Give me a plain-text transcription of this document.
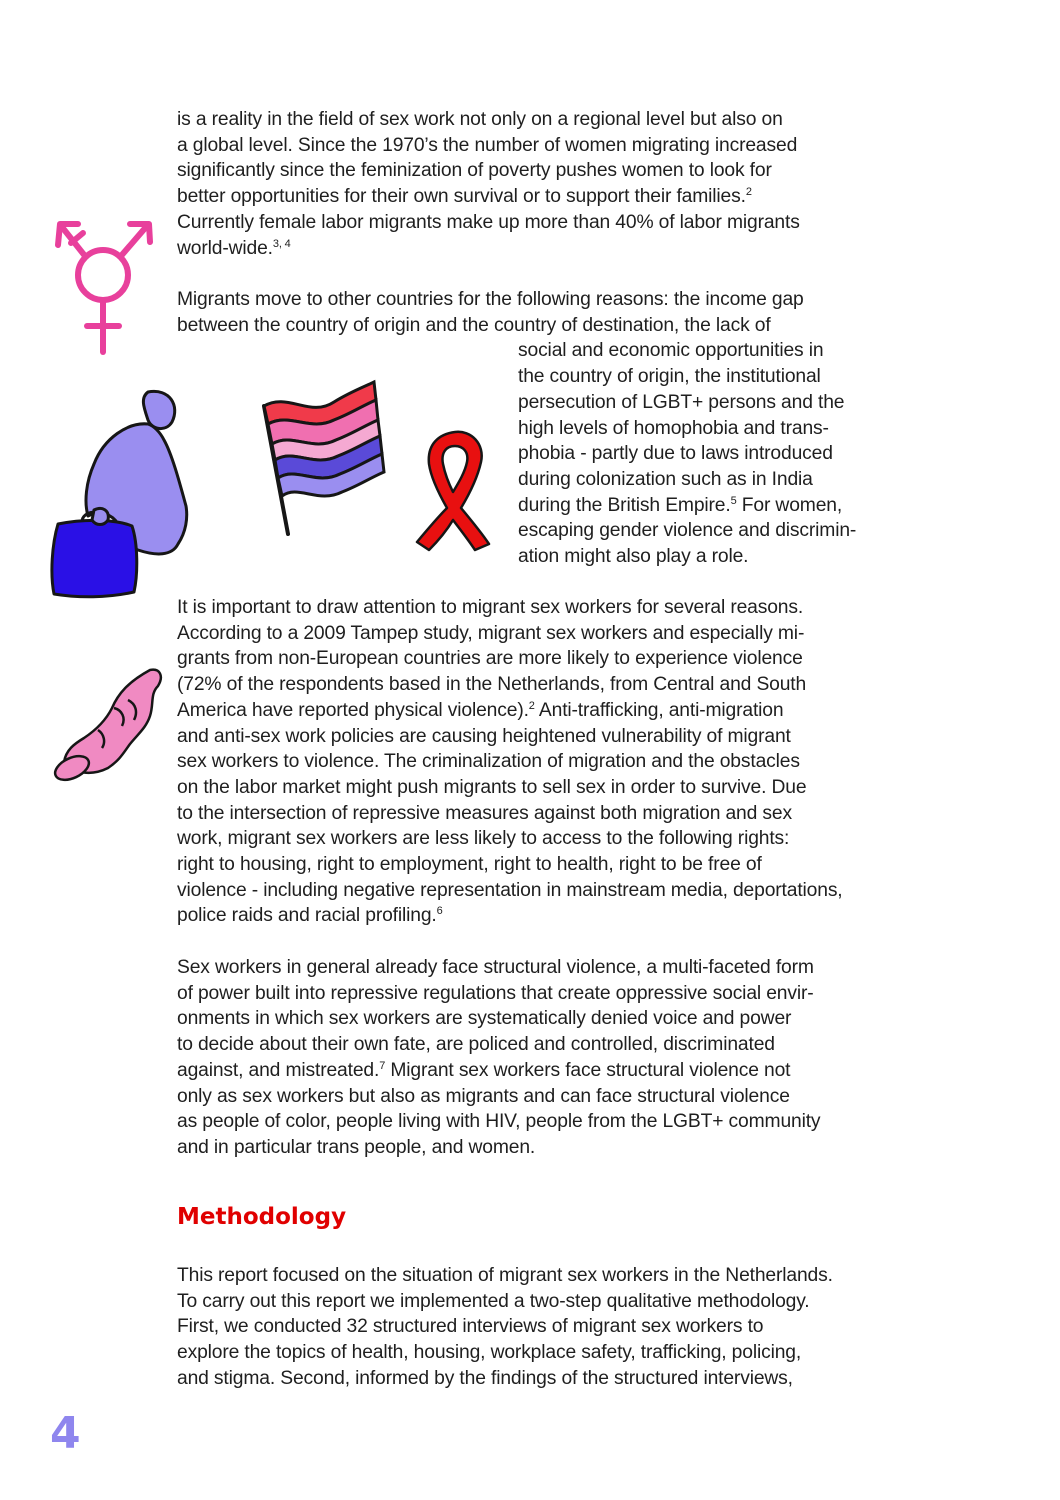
is a reality in the field of sex work not only on a regional level but also on
a global level. Since the 1970’s the number of women migrating increased
significantly since the feminization of poverty pushes women to look for
better opportunities for their own survival or to support their families.$^2$
Currently female labor migrants make up more than 40% of labor migrants
world-wide.$^{3, 4}$

Migrants move to other countries for the following reasons: the income gap
between the country of origin and the country of destination, the lack of
social and economic opportunities in
the country of origin, the institutional
persecution of LGBT+ persons and the
high levels of homophobia and trans-
phobia - partly due to laws introduced
during colonization such as in India
during the British Empire.$^5$ For women,
escaping gender violence and discrimin-
ation might also play a role.

It is important to draw attention to migrant sex workers for several reasons.
According to a 2009 Tampep study, migrant sex workers and especially mi-
grants from non-European countries are more likely to experience violence
(72% of the respondents based in the Netherlands, from Central and South
America have reported physical violence).$^2$ Anti-trafficking, anti-migration
and anti-sex work policies are causing heightened vulnerability of migrant
sex workers to violence. The criminalization of migration and the obstacles
on the labor market might push migrants to sell sex in order to survive. Due
to the intersection of repressive measures against both migration and sex
work, migrant sex workers are less likely to access to the following rights:
right to housing, right to employment, right to health, right to be free of
violence - including negative representation in mainstream media, deportations,
police raids and racial profiling.$^6$

Sex workers in general already face structural violence, a multi-faceted form
of power built into repressive regulations that create oppressive social envir-
onments in which sex workers are systematically denied voice and power
to decide about their own fate, are policed and controlled, discriminated
against, and mistreated.$^7$ Migrant sex workers face structural violence not
only as sex workers but also as migrants and can face structural violence
as people of color, people living with HIV, people from the LGBT+ community
and in particular trans people, and women.

Methodology

This report focused on the situation of migrant sex workers in the Netherlands.
To carry out this report we implemented a two-step qualitative methodology.
First, we conducted 32 structured interviews of migrant sex workers to
explore the topics of health, housing, workplace safety, trafficking, policing,
and stigma. Second, informed by the findings of the structured interviews,

4
